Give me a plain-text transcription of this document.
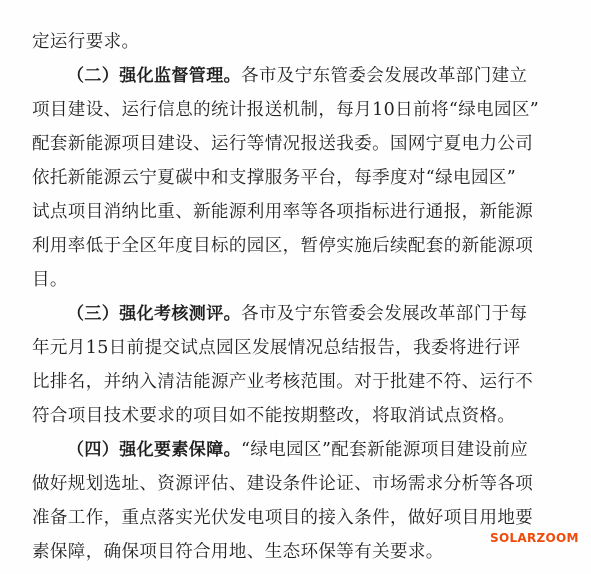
定运行要求。
（二）强化监督管理。各市及宁东管委会发展改革部门建立
项目建设、运行信息的统计报送机制，每月10日前将“绿电园区”
配套新能源项目建设、运行等情况报送我委。国网宁夏电力公司
依托新能源云宁夏碳中和支撑服务平台，每季度对“绿电园区”
试点项目消纳比重、新能源利用率等各项指标进行通报，新能源
利用率低于全区年度目标的园区，暂停实施后续配套的新能源项
目。
（三）强化考核测评。各市及宁东管委会发展改革部门于每
年元月15日前提交试点园区发展情况总结报告，我委将进行评
比排名，并纳入清洁能源产业考核范围。对于批建不符、运行不
符合项目技术要求的项目如不能按期整改，将取消试点资格。
（四）强化要素保障。“绿电园区”配套新能源项目建设前应
做好规划选址、资源评估、建设条件论证、市场需求分析等各项
准备工作，重点落实光伏发电项目的接入条件，做好项目用地要
素保障，确保项目符合用地、生态环保等有关要求。
SOLARZOOM
